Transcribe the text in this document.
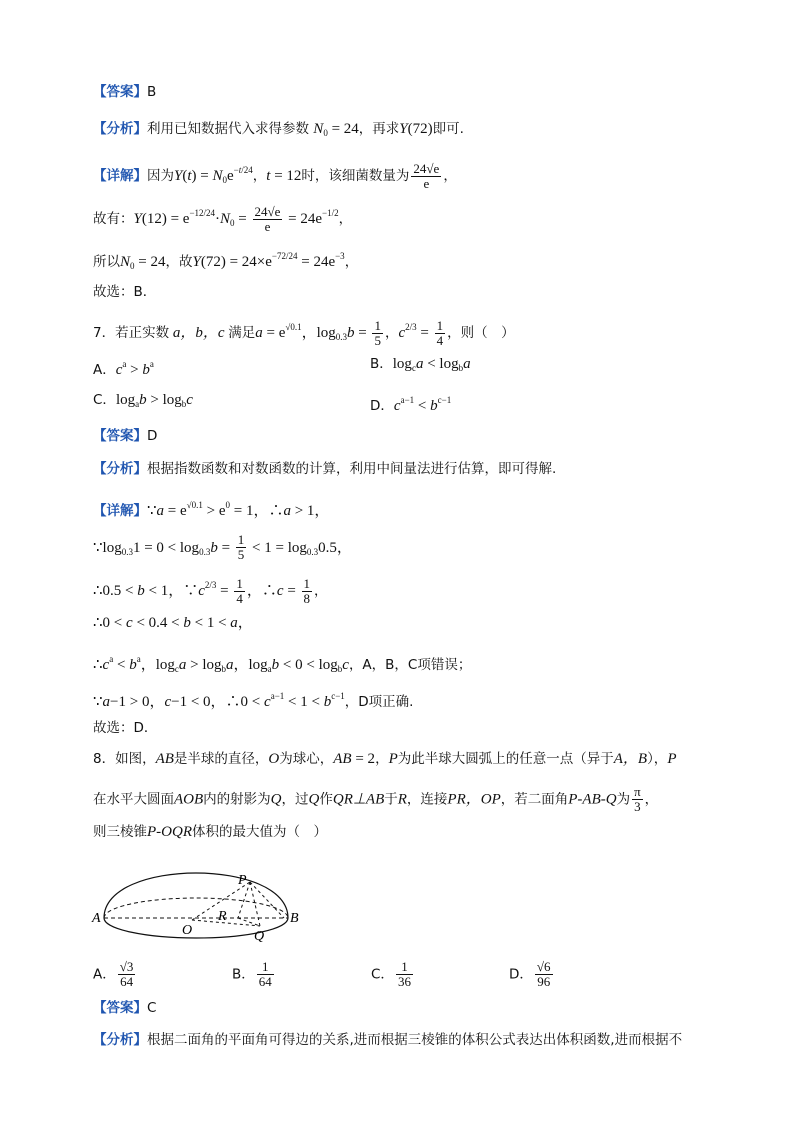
【答案】B
【分析】利用已知数据代入求得参数 $N_0 = 24$，再求Y(72)即可.
【详解】因为$Y(t) = N_0e^{-t/24}$，t = 12时，该细菌数量为 $\frac{24√e}{e}$ ，
故有：$Y(12) = e^{-12/24}\cdot N_0 = \frac{24√e}{e} = 24e^{-1/2}$，
所以$N_0 = 24$，故$Y(72) = 24\times e^{-72/24} = 24e^{-3}$，
故选：B．
7．若正实数 a，b，c 满足$a = e^{√0.1}$，$\log_{0.3}b = \frac{1}{5}$ ，$c^{2/3} = \frac{1}{4}$ ，则（　）
A．$c^a > b^a$	B．$\log_ca < \log_ba$
C．$\log_ab > \log_bc$	D．$c^{a-1} < b^{c-1}$
【答案】D
【分析】根据指数函数和对数函数的计算，利用中间量法进行估算，即可得解.
【详解】∵a = $e^{√0.1} > e^0 = 1$，∴a > 1，
$\because\log_{0.3}1 = 0 < \log_{0.3}b = \frac{1}{5} < 1 = \log_{0.3}0.5$，
∴0.5 < b < 1，$\because c^{2/3} = \frac{1}{4}$ ，∴c = $\frac{1}{8}$ ，
∴0 < c < 0.4 < b < 1 < a，
$\therefore c^a < b^a$，$\log_ca > \log_ba$，$\log_ab < 0 < \log_bc$，A，B，C项错误；
∵a−1 > 0，c−1 < 0，∴0 < $c^{a-1} < 1 < b^{c-1}$，D项正确.
故选：D．
8．如图，AB是半球的直径，O为球心，AB = 2，P为此半球大圆弧上的任意一点（异于A，B），P
在水平大圆面AOB内的射影为Q，过Q作QR⊥AB于R，连接PR，OP，若二面角P-AB-Q为 $\frac{\pi}{3}$ ，
则三棱锥P-OQR体积的最大值为（　）
A	B
O
P
R
Q
A． $\frac{√3}{64}$	B． $\frac{1}{64}$	C． $\frac{1}{36}$	D． $\frac{√6}{96}$
【答案】C
【分析】根据二面角的平面角可得边的关系,进而根据三棱锥的体积公式表达出体积函数,进而根据不
